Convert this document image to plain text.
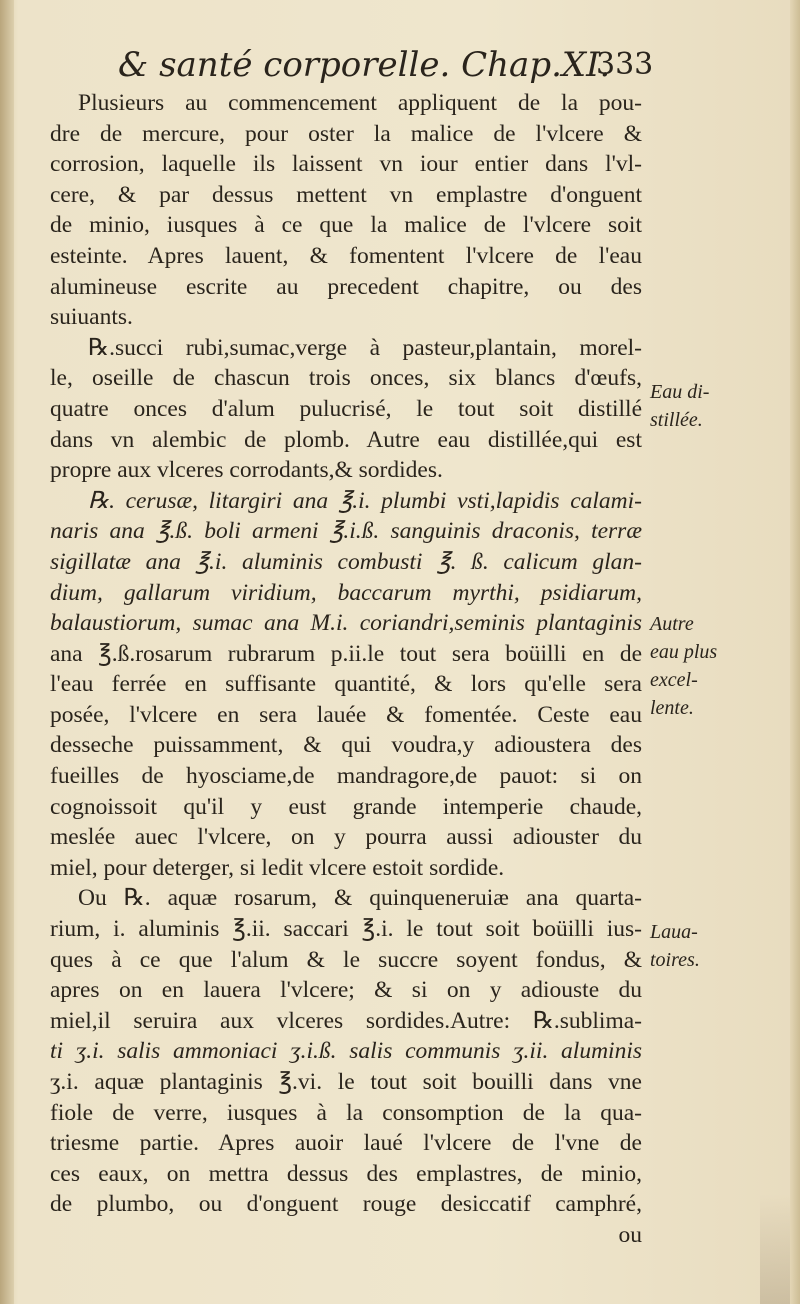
& santé corporelle. Chap.XI.
333
Plusieurs au commencement appliquent de la pou-
dre de mercure, pour oster la malice de l'vlcere &
corrosion, laquelle ils laissent vn iour entier dans l'vl-
cere, & par dessus mettent vn emplastre d'onguent
de minio, iusques à ce que la malice de l'vlcere soit
esteinte. Apres lauent, & fomentent l'vlcere de l'eau
alumineuse escrite au precedent chapitre, ou des
suiuants.
℞.succi rubi,sumac,verge à pasteur,plantain, morel-
le, oseille de chascun trois onces, six blancs d'œufs,
quatre onces d'alum pulucrisé, le tout soit distillé
dans vn alembic de plomb. Autre eau distillée,qui est
propre aux vlceres corrodants,& sordides.
℞. cerusæ, litargiri ana ℥.i. plumbi vsti,lapidis calami-
naris ana ℥.ß. boli armeni ℥.i.ß. sanguinis draconis, terræ
sigillatæ ana ℥.i. aluminis combusti ℥. ß. calicum glan-
dium, gallarum viridium, baccarum myrthi, psidiarum,
balaustiorum, sumac ana M.i. coriandri,seminis plantaginis
ana ℥.ß.rosarum rubrarum p.ii.le tout sera boüilli en de
l'eau ferrée en suffisante quantité, & lors qu'elle sera
posée, l'vlcere en sera lauée & fomentée. Ceste eau
desseche puissamment, & qui voudra,y adioustera des
fueilles de hyosciame,de mandragore,de pauot: si on
cognoissoit qu'il y eust grande intemperie chaude,
meslée auec l'vlcere, on y pourra aussi adiouster du
miel, pour deterger, si ledit vlcere estoit sordide.
Ou ℞. aquæ rosarum, & quinqueneruiæ ana quarta-
rium, i. aluminis ℥.ii. saccari ℥.i. le tout soit boüilli ius-
ques à ce que l'alum & le succre soyent fondus, &
apres on en lauera l'vlcere; & si on y adiouste du
miel,il seruira aux vlceres sordides.Autre: ℞.sublima-
ti ʒ.i. salis ammoniaci ʒ.i.ß. salis communis ʒ.ii. aluminis
ʒ.i. aquæ plantaginis ℥.vi. le tout soit bouilli dans vne
fiole de verre, iusques à la consomption de la qua-
triesme partie. Apres auoir laué l'vlcere de l'vne de
ces eaux, on mettra dessus des emplastres, de minio,
de plumbo, ou d'onguent rouge desiccatif camphré,
ou
Eau di-
stillée.
Autre
eau plus
excel-
lente.
Laua-
toires.
